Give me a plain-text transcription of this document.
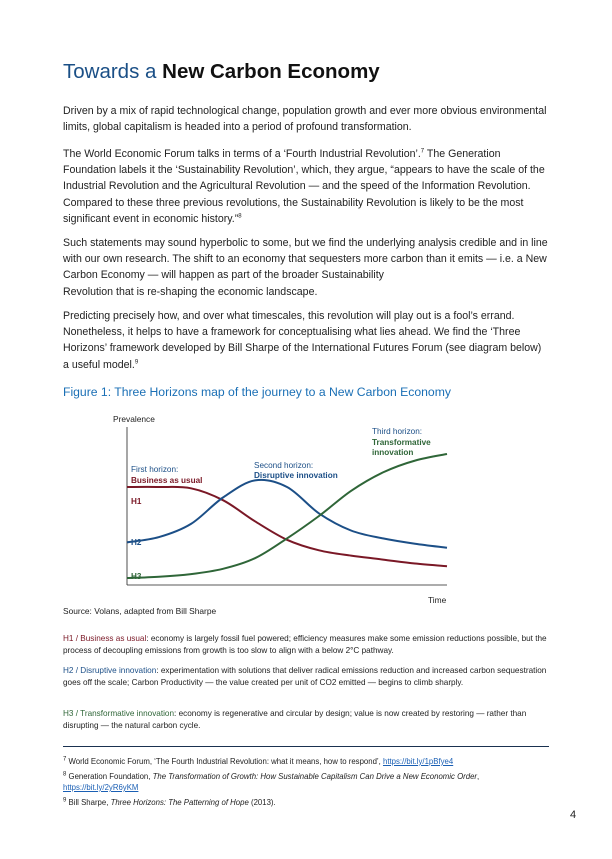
Towards a New Carbon Economy

Driven by a mix of rapid technological change, population growth and ever more obvious environmental limits, global capitalism is headed into a period of profound transformation.

The World Economic Forum talks in terms of a ‘Fourth Industrial Revolution’.$^7$ The Generation Foundation labels it the ‘Sustainability Revolution’, which, they argue, “appears to have the scale of the Industrial Revolution and the Agricultural Revolution — and the speed of the Information Revolution. Compared to these three previous revolutions, the Sustainability Revolution is likely to be the most significant event in economic history.”$^8$

Such statements may sound hyperbolic to some, but we find the underlying analysis credible and in line with our own research. The shift to an economy that sequesters more carbon than it emits — i.e. a New Carbon Economy — will happen as part of the broader Sustainability
Revolution that is re-shaping the economic landscape.

Predicting precisely how, and over what timescales, this revolution will play out is a fool’s errand. Nonetheless, it helps to have a framework for conceptualising what lies ahead. We find the ‘Three Horizons’ framework developed by Bill Sharpe of the International Futures Forum (see diagram below) a useful model.$^9$

Figure 1: Three Horizons map of the journey to a New Carbon Economy
Prevalence
Time
H1
H2
H3
First horizon:
Business as usual
Second horizon:
Disruptive innovation
Third horizon:
Transformative
innovation
Source: Volans, adapted from Bill Sharpe

H1 / Business as usual: economy is largely fossil fuel powered; efficiency measures make some emission reductions possible, but the process of decoupling emissions from growth is too slow to align with a below 2°C pathway.

H2 / Disruptive innovation: experimentation with solutions that deliver radical emissions reduction and increased carbon sequestration goes off the scale; Carbon Productivity — the value created per unit of CO2 emitted — begins to climb sharply.

H3 / Transformative innovation: economy is regenerative and circular by design; value is now created by restoring — rather than disrupting — the natural carbon cycle.

$^7$ World Economic Forum, ‘The Fourth Industrial Revolution: what it means, how to respond’, https://bit.ly/1pBfye4

$^8$ Generation Foundation, The Transformation of Growth: How Sustainable Capitalism Can Drive a New Economic Order,
https://bit.ly/2yR6yKM

$^9$ Bill Sharpe, Three Horizons: The Patterning of Hope (2013).

4
